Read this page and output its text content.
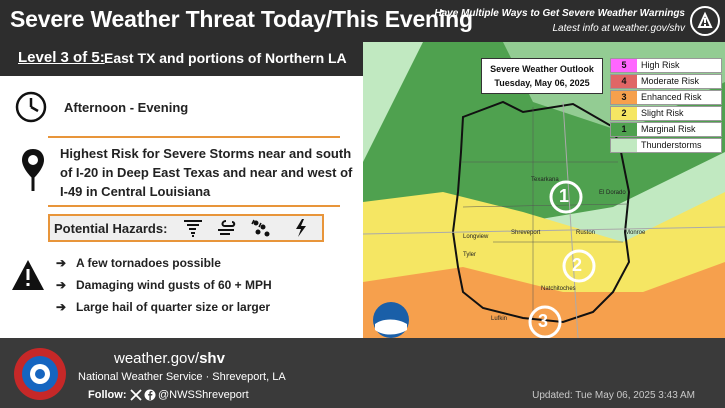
Severe Weather Threat Today/This Evening
Have Multiple Ways to Get Severe Weather Warnings
Latest info at weather.gov/shv
Level 3 of 5: East TX and portions of Northern LA
Afternoon - Evening
Highest Risk for Severe Storms near and south of I-20 in Deep East Texas and near and west of I-49 in Central Louisiana
Potential Hazards:
➔ A few tornadoes possible
➔ Damaging wind gusts of 60 + MPH
➔ Large hail of quarter size or larger
1
2
3
Texarkana
El Dorado
Longview
Shreveport	Ruston	Monroe
Tyler
Natchitoches
Lufkin
Severe Weather Outlook
Tuesday, May 06, 2025
5	High Risk
4	Moderate Risk
3	Enhanced Risk
2	Slight Risk
1	Marginal Risk
Thunderstorms
weather.gov/shv
National Weather Service · Shreveport, LA
Follow:	@NWSShreveport	Updated: Tue May 06, 2025 3:43 AM
